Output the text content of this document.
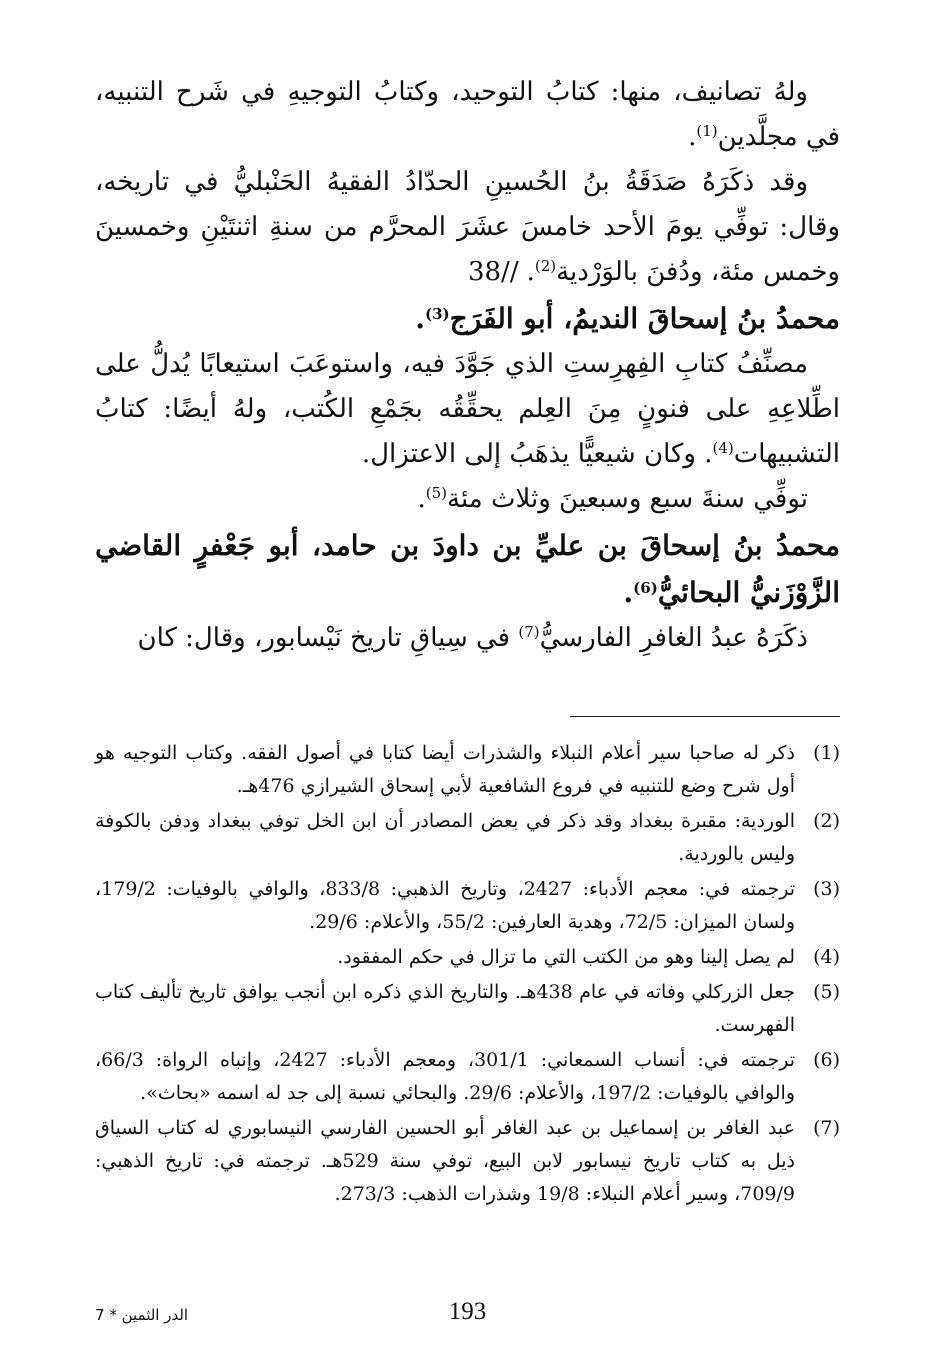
ولهُ تصانيف، منها: كتابُ التوحيد، وكتابُ التوجيهِ في شَرح التنبيه، في مجلَّدين$^{(1)}$.

وقد ذكَرَهُ صَدَقَةُ بنُ الحُسينِ الحدّادُ الفقيهُ الحَنْبليُّ في تاريخه، وقال: توفِّي يومَ الأحد خامسَ عشَرَ المحرَّم من سنةِ اثنتَيْنِ وخمسينَ وخمس مئة، ودُفنَ بالوَرْدية$^{(2)}$.38//

محمدُ بنُ إسحاقَ النديمُ، أبو الفَرَج$^{(3)}$.

مصنِّفُ كتابِ الفِهرِستِ الذي جَوَّدَ فيه، واستوعَبَ استيعابًا يُدلُّ على اطِّلاعِهِ على فنونٍ مِنَ العِلم يحقِّقُه بجَمْعِ الكُتب، ولهُ أيضًا: كتابُ التشبيهات$^{(4)}$. وكان شيعيًّا يذهَبُ إلى الاعتزال.

توفِّي سنةَ سبع وسبعينَ وثلاث مئة$^{(5)}$.

محمدُ بنُ إسحاقَ بن عليِّ بن داودَ بن حامد، أبو جَعْفرٍ القاضي الزَّوْزَنيُّ البحائيُّ$^{(6)}$.

ذكَرَهُ عبدُ الغافرِ الفارسيُّ$^{(7)}$ في سِياقِ تاريخ نَيْسابور، وقال: كان

(1)
ذكر له صاحبا سير أعلام النبلاء والشذرات أيضا كتابا في أصول الفقه. وكتاب التوجيه هو أول شرح وضع للتنبيه في فروع الشافعية لأبي إسحاق الشيرازي 476هـ.
(2)
الوردية: مقبرة ببغداد وقد ذكر في بعض المصادر أن ابن الخل توفي ببغداد ودفن بالكوفة وليس بالوردية.
(3)
ترجمته في: معجم الأدباء: 2427، وتاريخ الذهبي: 833/8، والوافي بالوفيات: 179/2، ولسان الميزان: 72/5، وهدية العارفين: 55/2، والأعلام: 29/6.
(4)
لم يصل إلينا وهو من الكتب التي ما تزال في حكم المفقود.
(5)
جعل الزركلي وفاته في عام 438هـ. والتاريخ الذي ذكره ابن أنجب يوافق تاريخ تأليف كتاب الفهرست.
(6)
ترجمته في: أنساب السمعاني: 301/1، ومعجم الأدباء: 2427، وإنباه الرواة: 66/3، والوافي بالوفيات: 197/2، والأعلام: 29/6. والبحائي نسبة إلى جد له اسمه «بحاث».
(7)
عبد الغافر بن إسماعيل بن عبد الغافر أبو الحسين الفارسي النيسابوري له كتاب السياق ذيل به كتاب تاريخ نيسابور لابن البيع، توفي سنة 529هـ. ترجمته في: تاريخ الذهبي: 709/9، وسير أعلام النبلاء: 19/8 وشذرات الذهب: 273/3.
193
الدر الثمين * 7
